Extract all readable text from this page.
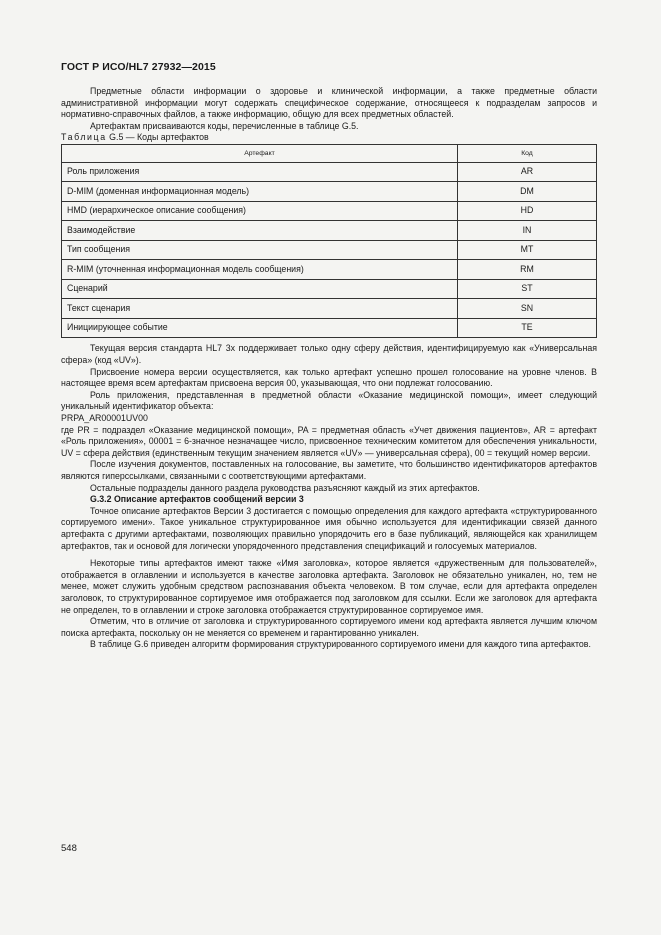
ГОСТ Р ИСО/HL7 27932—2015

Предметные области информации о здоровье и клинической информации, а также предметные области административной информации могут содержать специфическое содержание, относящееся к подразделам запросов и нормативно-справочных файлов, а также информацию, общую для всех предметных областей.

Артефактам присваиваются коды, перечисленные в таблице G.5.

Таблица G.5 — Коды артефактов

Артефакт	Код
Роль приложения	AR
D-MIM (доменная информационная модель)	DM
HMD (иерархическое описание сообщения)	HD
Взаимодействие	IN
Тип сообщения	MT
R-MIM (уточненная информационная модель сообщения)	RM
Сценарий	ST
Текст сценария	SN
Инициирующее событие	TE

Текущая версия стандарта HL7 3x поддерживает только одну сферу действия, идентифицируемую как «Универсальная сфера» (код «UV»).

Присвоение номера версии осуществляется, как только артефакт успешно прошел голосование на уровне членов. В настоящее время всем артефактам присвоена версия 00, указывающая, что они подлежат голосованию.

Роль приложения, представленная в предметной области «Оказание медицинской помощи», имеет следующий уникальный идентификатор объекта:

PRPA_AR00001UV00

где PR = подраздел «Оказание медицинской помощи», PA = предметная область «Учет движения пациентов», AR = артефакт «Роль приложения», 00001 = 6-значное незначащее число, присвоенное техническим комитетом для обеспечения уникальности, UV = сфера действия (единственным текущим значением является «UV» — универсальная сфера), 00 = текущий номер версии.

После изучения документов, поставленных на голосование, вы заметите, что большинство идентификаторов артефактов являются гиперссылками, связанными с соответствующими артефактами.

Остальные подразделы данного раздела руководства разъясняют каждый из этих артефактов.

G.3.2 Описание артефактов сообщений версии 3

Точное описание артефактов Версии 3 достигается с помощью определения для каждого артефакта «структурированного сортируемого имени». Такое уникальное структурированное имя обычно используется для идентификации связей данного артефакта с другими артефактами, позволяющих правильно упорядочить его в базе публикаций, являющейся как хранилищем артефактов, так и основой для логически упорядоченного представления спецификаций и голосуемых материалов.

Некоторые типы артефактов имеют также «Имя заголовка», которое является «дружественным для пользователей», отображается в оглавлении и используется в качестве заголовка артефакта. Заголовок не обязательно уникален, но, тем не менее, может служить удобным средством распознавания объекта человеком. В том случае, если для артефакта определен заголовок, то структурированное сортируемое имя отображается под заголовком для ссылки. Если же заголовок для артефакта не определен, то в оглавлении и строке заголовка отображается структурированное сортируемое имя.

Отметим, что в отличие от заголовка и структурированного сортируемого имени код артефакта является лучшим ключом поиска артефакта, поскольку он не меняется со временем и гарантированно уникален.

В таблице G.6 приведен алгоритм формирования структурированного сортируемого имени для каждого типа артефактов.

548
